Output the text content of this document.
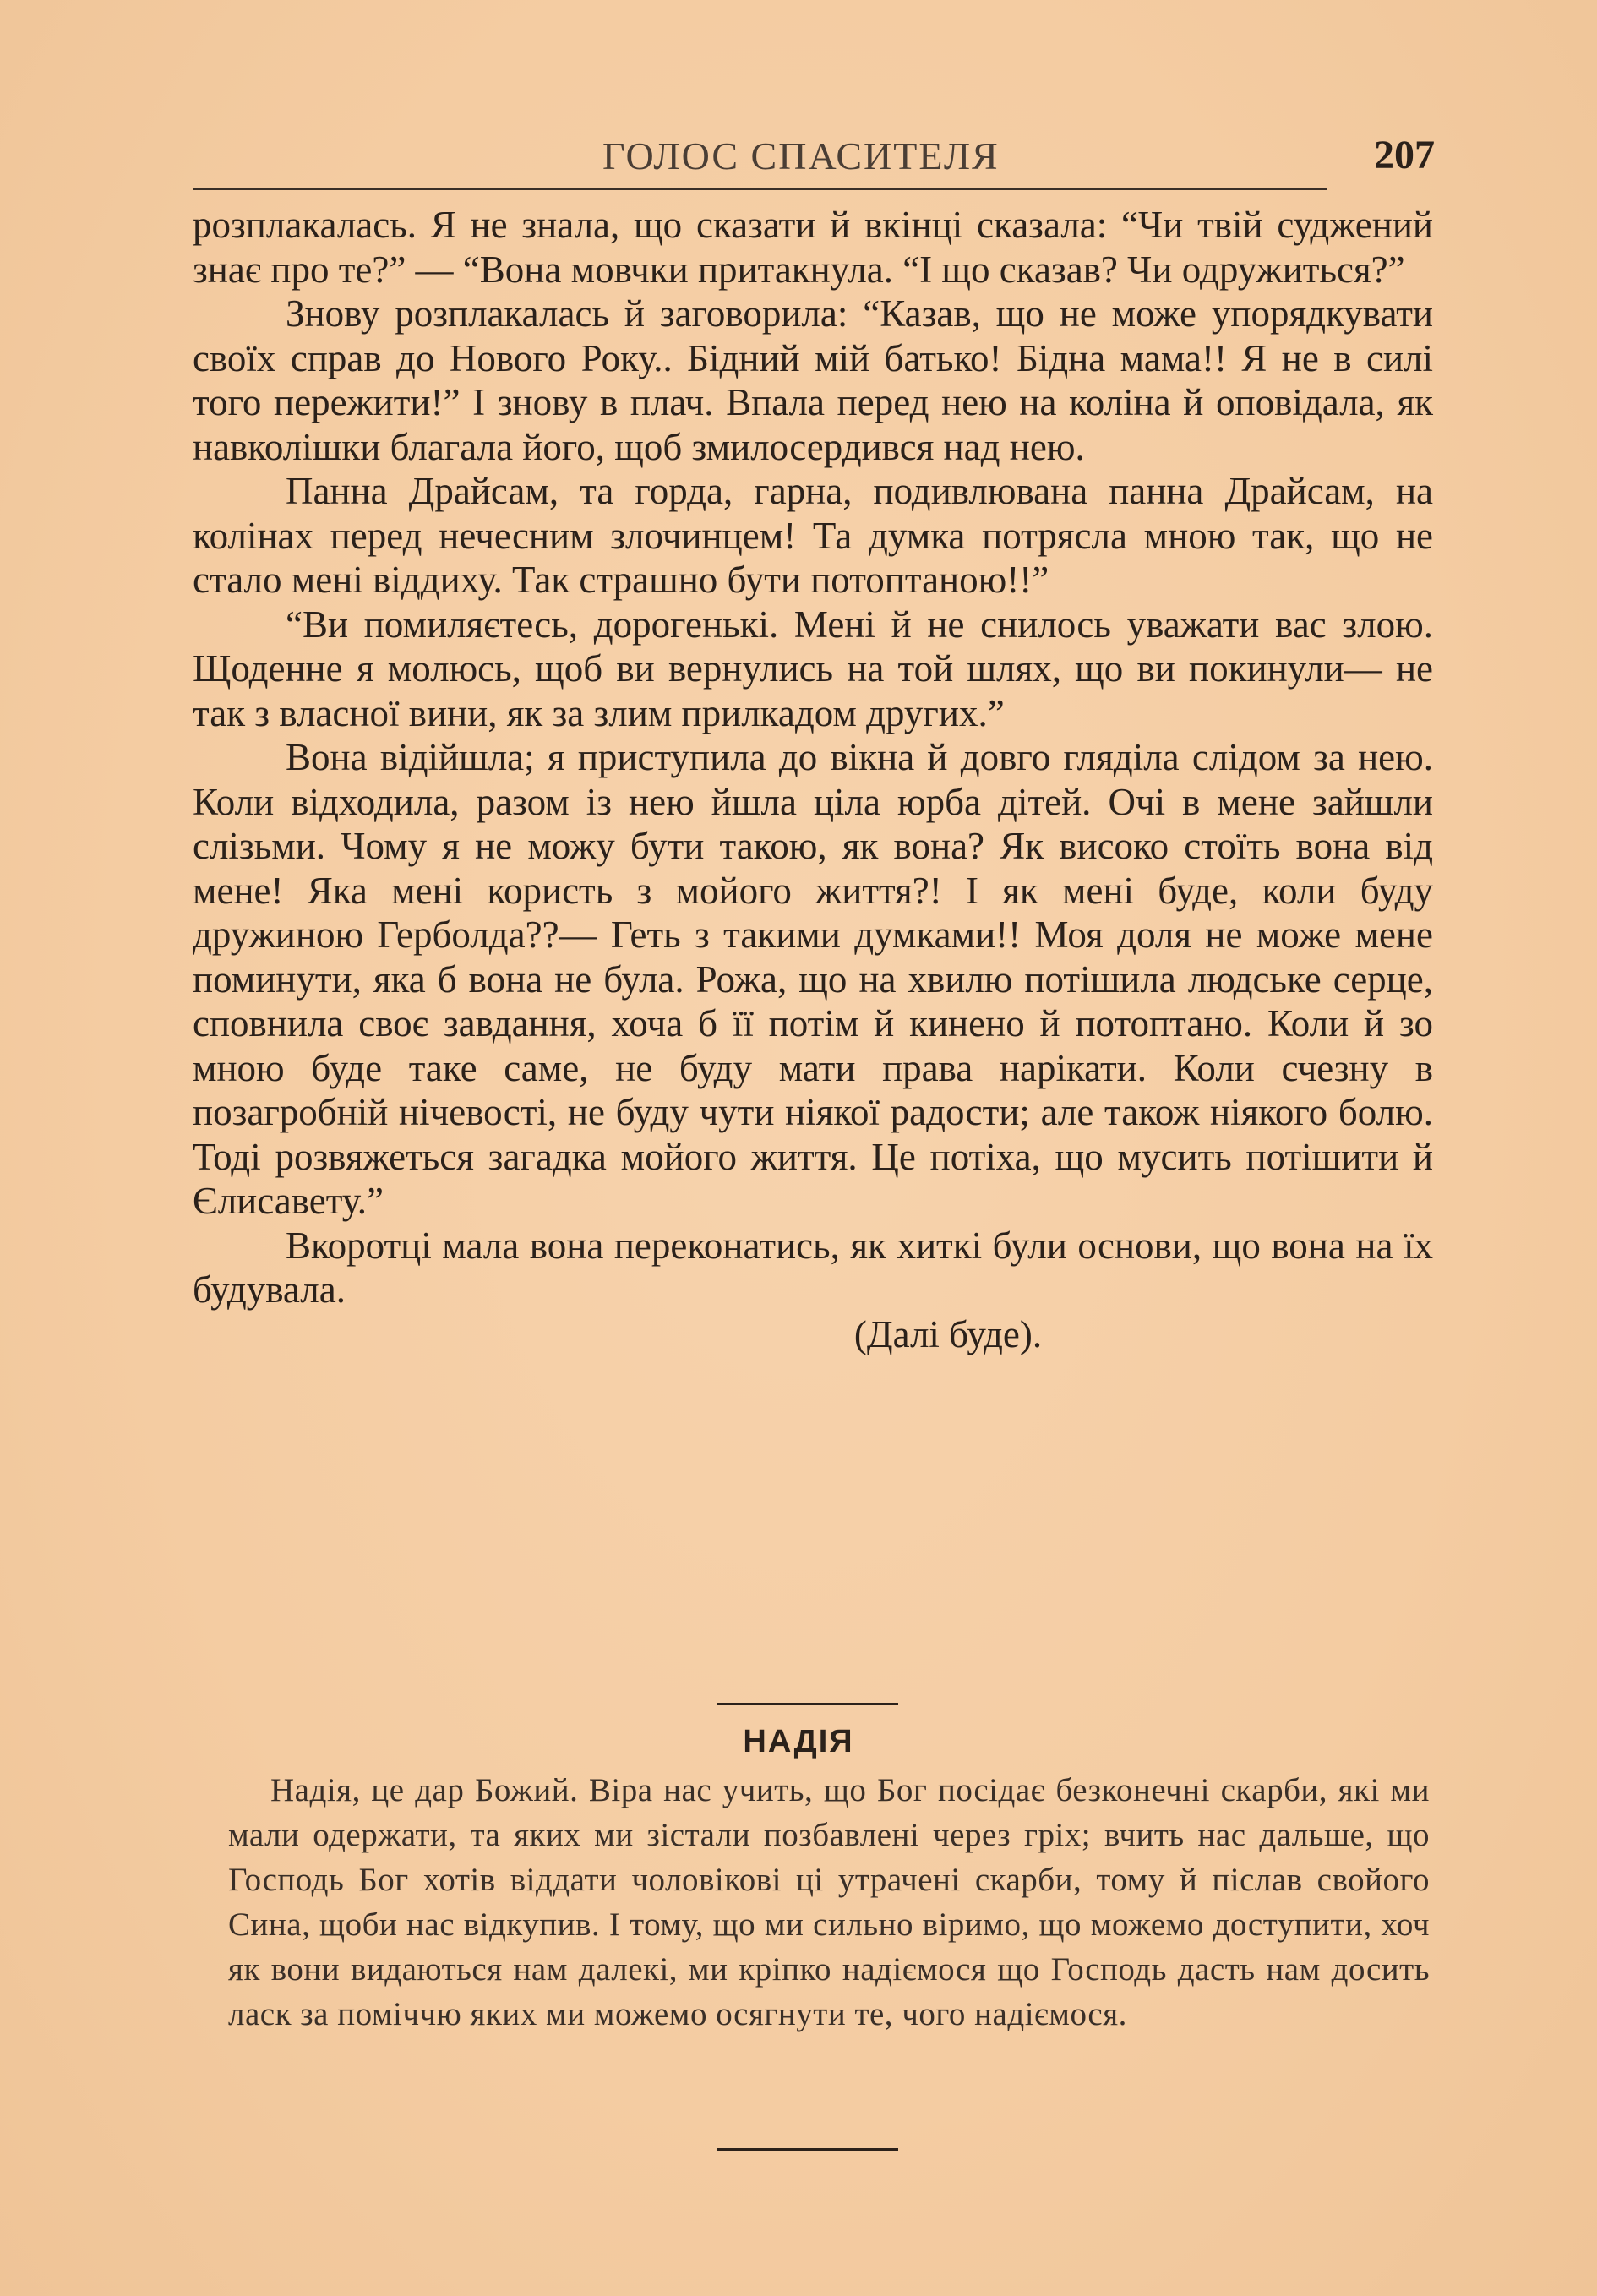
ГОЛОС СПАСИТЕЛЯ	207

розплакалась. Я не знала, що сказати й вкінці сказала: “Чи твій суджений знає про те?” — “Вона мовчки притакнула. “І що сказав? Чи одружиться?”

Знову розплакалась й заговорила: “Казав, що не може упорядкувати своїх справ до Нового Року.. Бідний мій батько! Бідна мама!! Я не в силі того пережити!” І знову в плач. Впала перед нею на коліна й оповідала, як навколішки благала його, щоб змилосердився над нею.

Панна Драйсам, та горда, гарна, подивлювана панна Драйсам, на колінах перед нечесним злочинцем! Та думка потрясла мною так, що не стало мені віддиху. Так страшно бути потоптаною!!”

“Ви помиляєтесь, дорогенькі. Мені й не снилось уважати вас злою. Щоденне я молюсь, щоб ви вернулись на той шлях, що ви покинули— не так з власної вини, як за злим прилкадом других.”

Вона відійшла; я приступила до вікна й довго гляділа слідом за нею. Коли відходила, разом із нею йшла ціла юрба дітей. Очі в мене зайшли слізьми. Чому я не можу бути такою, як вона? Як високо стоїть вона від мене! Яка мені користь з мойого життя?! І як мені буде, коли буду дружиною Герболда??— Геть з такими думками!! Моя доля не може мене поминути, яка б вона не була. Рожа, що на хвилю потішила людське серце, сповнила своє завдання, хоча б її потім й кинено й потоптано. Коли й зо мною буде таке саме, не буду мати права нарікати. Коли счезну в позагробній нічевості, не буду чути ніякої радости; але також ніякого болю. Тоді розвяжеться загадка мойого життя. Це потіха, що мусить потішити й Єлисавету.”

Вкоротці мала вона переконатись, як хиткі були основи, що вона на їх будувала.

(Далі буде).

НАДІЯ

Надія, це дар Божий. Віра нас учить, що Бог посідає безконечні скарби, які ми мали одержати, та яких ми зістали позбавлені через гріх; вчить нас дальше, що Господь Бог хотів віддати чоловікові ці утрачені скарби, тому й післав свойого Сина, щоби нас відкупив. І тому, що ми сильно віримо, що можемо доступити, хоч як вони видаються нам далекі, ми кріпко надіємося що Господь дасть нам досить ласк за поміччю яких ми можемо осягнути те, чого надіємося.
